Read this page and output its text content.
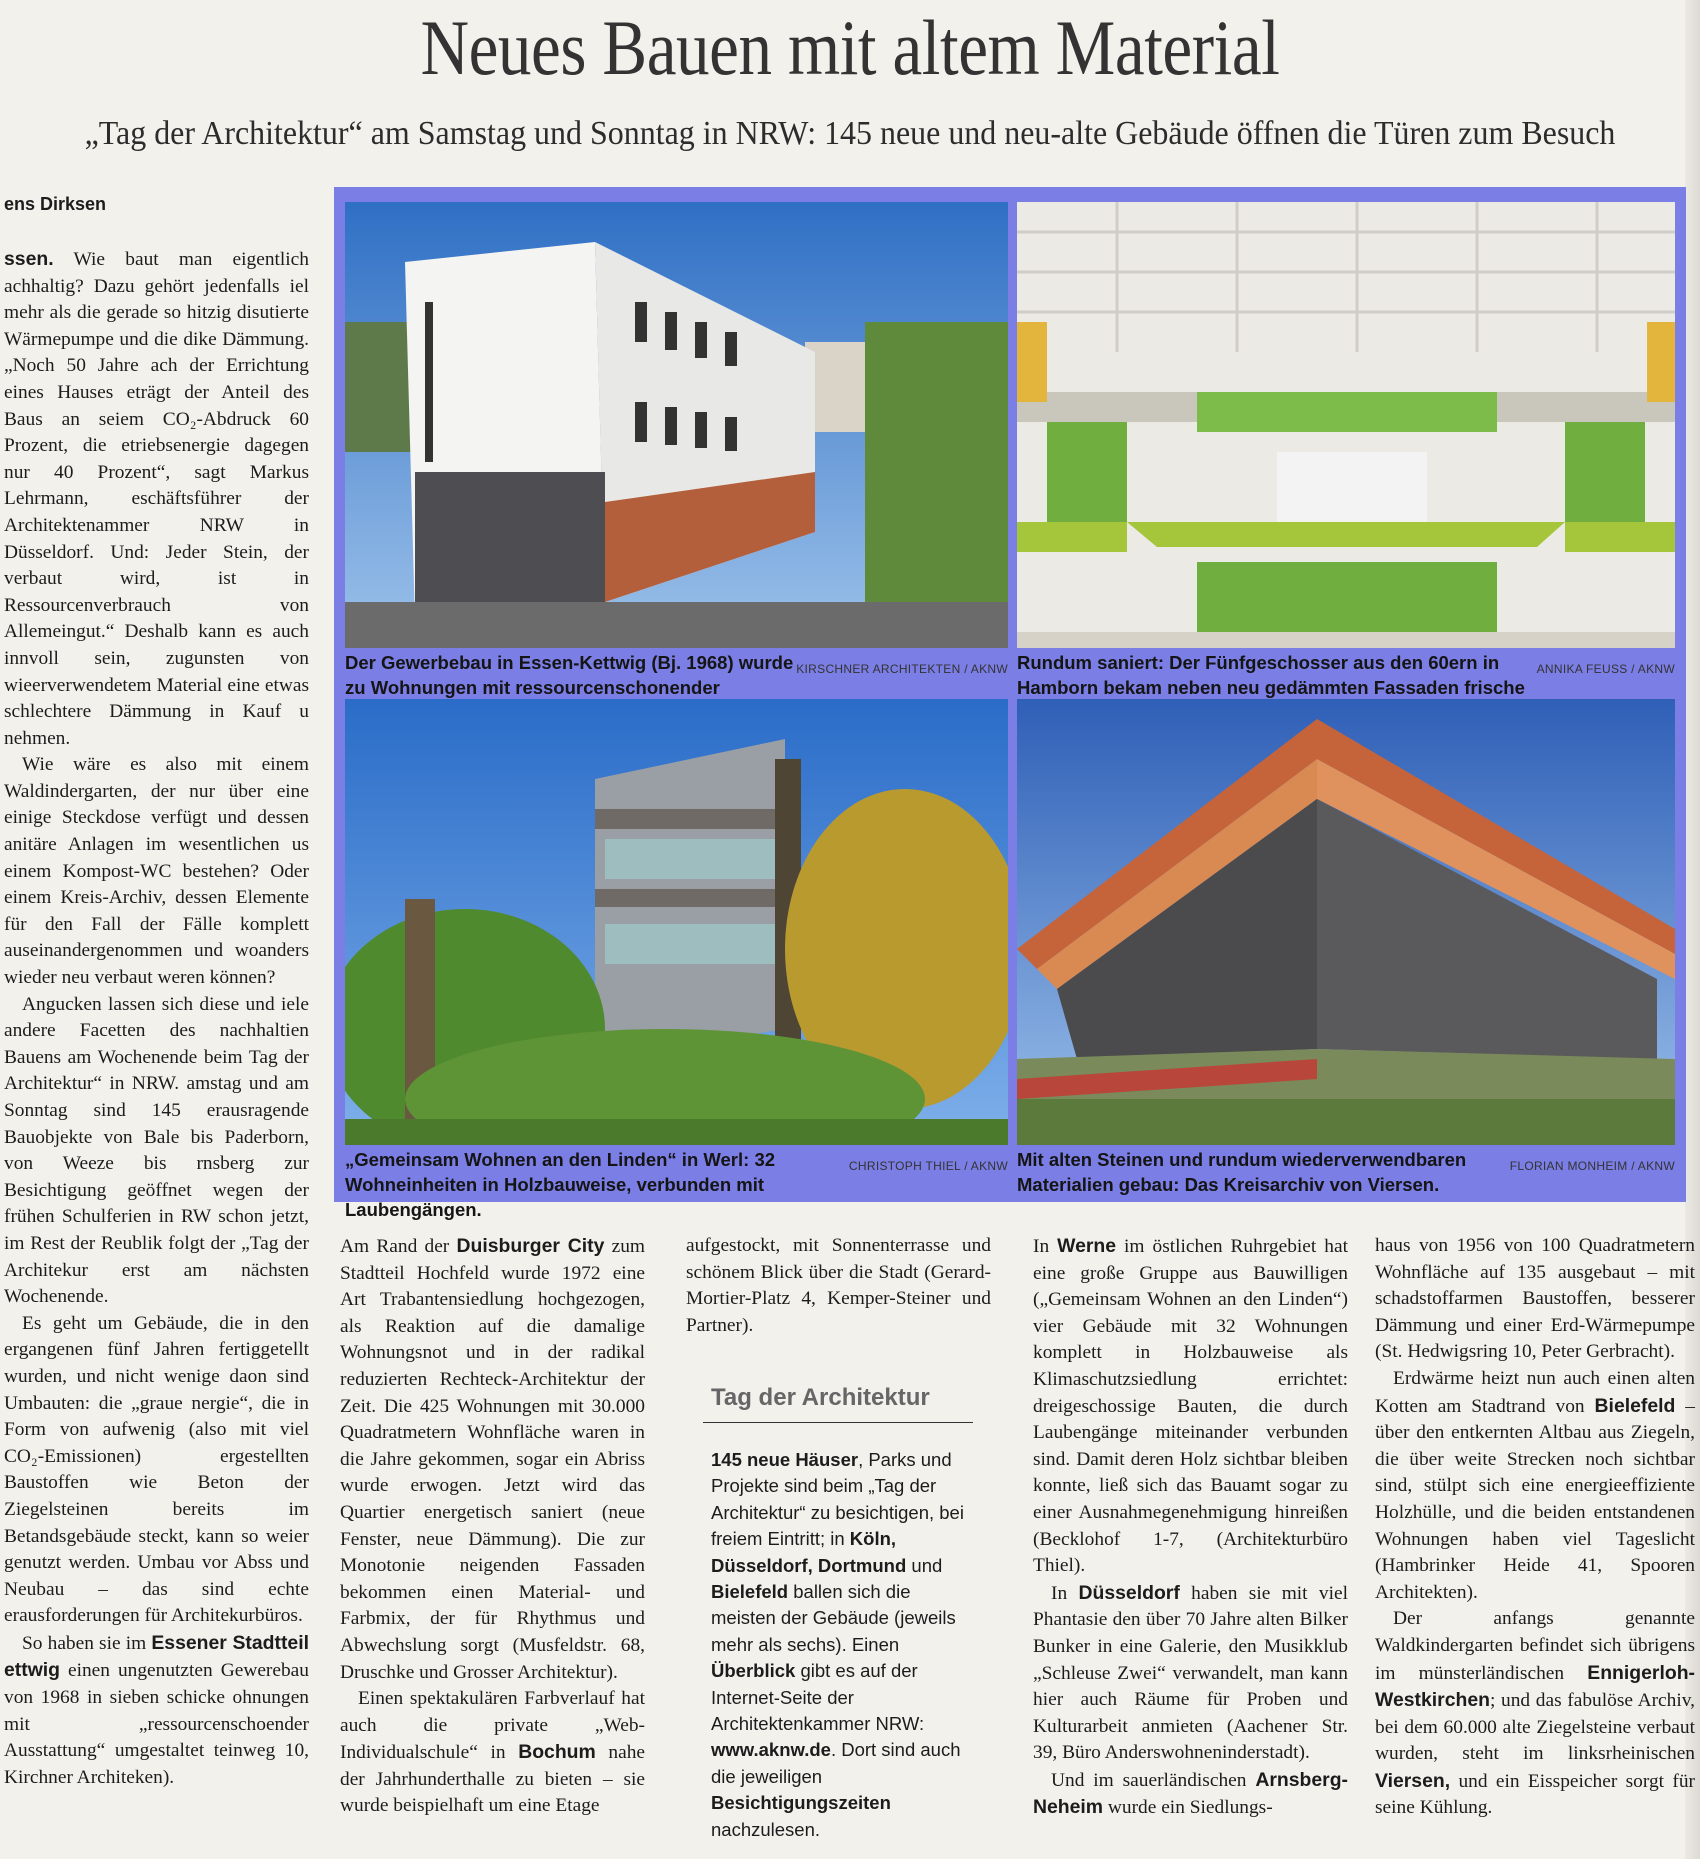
Neues Bauen mit altem Material
„Tag der Architektur“ am Samstag und Sonntag in NRW: 145 neue und neu-alte Gebäude öffnen die Türen zum Besuch
ens Dirksen

ssen. Wie baut man eigentlich achhaltig? Dazu gehört jedenfalls iel mehr als die gerade so hitzig disutierte Wärmepumpe und die dike Dämmung. „Noch 50 Jahre ach der Errichtung eines Hauses eträgt der Anteil des Baus an seiem CO₂-Abdruck 60 Prozent, die etriebsenergie dagegen nur 40 Prozent“, sagt Markus Lehrmann, eschäftsführer der Architektenammer NRW in Düsseldorf. Und: Jeder Stein, der verbaut wird, ist in Ressourcenverbrauch von Allemeingut.“ Deshalb kann es auch innvoll sein, zugunsten von wieerverwendetem Material eine etwas schlechtere Dämmung in Kauf u nehmen.

Wie wäre es also mit einem Waldindergarten, der nur über eine einige Steckdose verfügt und dessen anitäre Anlagen im wesentlichen us einem Kompost-WC bestehen? Oder einem Kreis-Archiv, dessen Elemente für den Fall der Fälle komplett auseinandergenommen und woanders wieder neu verbaut weren können?

Angucken lassen sich diese und iele andere Facetten des nachhaltien Bauens am Wochenende beim Tag der Architektur“ in NRW. amstag und am Sonntag sind 145 erausragende Bauobjekte von Bale bis Paderborn, von Weeze bis rnsberg zur Besichtigung geöffnet wegen der frühen Schulferien in RW schon jetzt, im Rest der Reublik folgt der „Tag der Architekur erst am nächsten Wochenende.

Es geht um Gebäude, die in den ergangenen fünf Jahren fertiggetellt wurden, und nicht wenige daon sind Umbauten: die „graue nergie“, die in Form von aufwenig (also mit viel CO₂-Emissionen) ergestellten Baustoffen wie Beton der Ziegelsteinen bereits im Betandsgebäude steckt, kann so weier genutzt werden. Umbau vor Abss und Neubau – das sind echte erausforderungen für Architekurbüros.

So haben sie im Essener Stadtteil ettwig einen ungenutzten Gewerebau von 1968 in sieben schicke ohnungen mit „ressourcenschoender Ausstattung“ umgestaltet teinweg 10, Kirchner Architeken).

KIRSCHNER ARCHITEKTEN / AKNW
Der Gewerbebau in Essen-Kettwig (Bj. 1968) wurde zu Wohnungen mit ressourcenschonender
ANNIKA FEUSS / AKNW
Rundum saniert: Der Fünfgeschosser aus den 60ern in Hamborn bekam neben neu gedämmten Fassaden frische
CHRISTOPH THIEL / AKNW
„Gemeinsam Wohnen an den Linden“ in Werl: 32 Wohneinheiten in Holzbauweise, verbunden mit Laubengängen.
FLORIAN MONHEIM / AKNW
Mit alten Steinen und rundum wiederverwendbaren Materialien gebau: Das Kreisarchiv von Viersen.

Am Rand der Duisburger City zum Stadtteil Hochfeld wurde 1972 eine Art Trabantensiedlung hochgezogen, als Reaktion auf die damalige Wohnungsnot und in der radikal reduzierten Rechteck-Architektur der Zeit. Die 425 Wohnungen mit 30.000 Quadratmetern Wohnfläche waren in die Jahre gekommen, sogar ein Abriss wurde erwogen. Jetzt wird das Quartier energetisch saniert (neue Fenster, neue Dämmung). Die zur Monotonie neigenden Fassaden bekommen einen Material- und Farbmix, der für Rhythmus und Abwechslung sorgt (Musfeldstr. 68, Druschke und Grosser Architektur).

Einen spektakulären Farbverlauf hat auch die private „Web-Individualschule“ in Bochum nahe der Jahrhunderthalle zu bieten – sie wurde beispielhaft um eine Etage

aufgestockt, mit Sonnenterrasse und schönem Blick über die Stadt (Gerard-Mortier-Platz 4, Kemper-Steiner und Partner).

Tag der Architektur

145 neue Häuser, Parks und Projekte sind beim „Tag der Architektur“ zu besichtigen, bei freiem Eintritt; in Köln, Düsseldorf, Dortmund und Bielefeld ballen sich die meisten der Gebäude (jeweils mehr als sechs). Einen Überblick gibt es auf der Internet-Seite der Architektenkammer NRW: www.aknw.de. Dort sind auch die jeweiligen Besichtigungszeiten nachzulesen.

In Werne im östlichen Ruhrgebiet hat eine große Gruppe aus Bauwilligen („Gemeinsam Wohnen an den Linden“) vier Gebäude mit 32 Wohnungen komplett in Holzbauweise als Klimaschutzsiedlung errichtet: dreigeschossige Bauten, die durch Laubengänge miteinander verbunden sind. Damit deren Holz sichtbar bleiben konnte, ließ sich das Bauamt sogar zu einer Ausnahmegenehmigung hinreißen (Becklohof 1-7, (Architekturbüro Thiel).

In Düsseldorf haben sie mit viel Phantasie den über 70 Jahre alten Bilker Bunker in eine Galerie, den Musikklub „Schleuse Zwei“ verwandelt, man kann hier auch Räume für Proben und Kulturarbeit anmieten (Aachener Str. 39, Büro Anderswohneninderstadt).

Und im sauerländischen Arnsberg-Neheim wurde ein Siedlungs-

haus von 1956 von 100 Quadratmetern Wohnfläche auf 135 ausgebaut – mit schadstoffarmen Baustoffen, besserer Dämmung und einer Erd-Wärmepumpe (St. Hedwigsring 10, Peter Gerbracht).

Erdwärme heizt nun auch einen alten Kotten am Stadtrand von Bielefeld – über den entkernten Altbau aus Ziegeln, die über weite Strecken noch sichtbar sind, stülpt sich eine energieeffiziente Holzhülle, und die beiden entstandenen Wohnungen haben viel Tageslicht (Hambrinker Heide 41, Spooren Architekten).

Der anfangs genannte Waldkindergarten befindet sich übrigens im münsterländischen Ennigerloh-Westkirchen; und das fabulöse Archiv, bei dem 60.000 alte Ziegelsteine verbaut wurden, steht im linksrheinischen Viersen, und ein Eisspeicher sorgt für seine Kühlung.
